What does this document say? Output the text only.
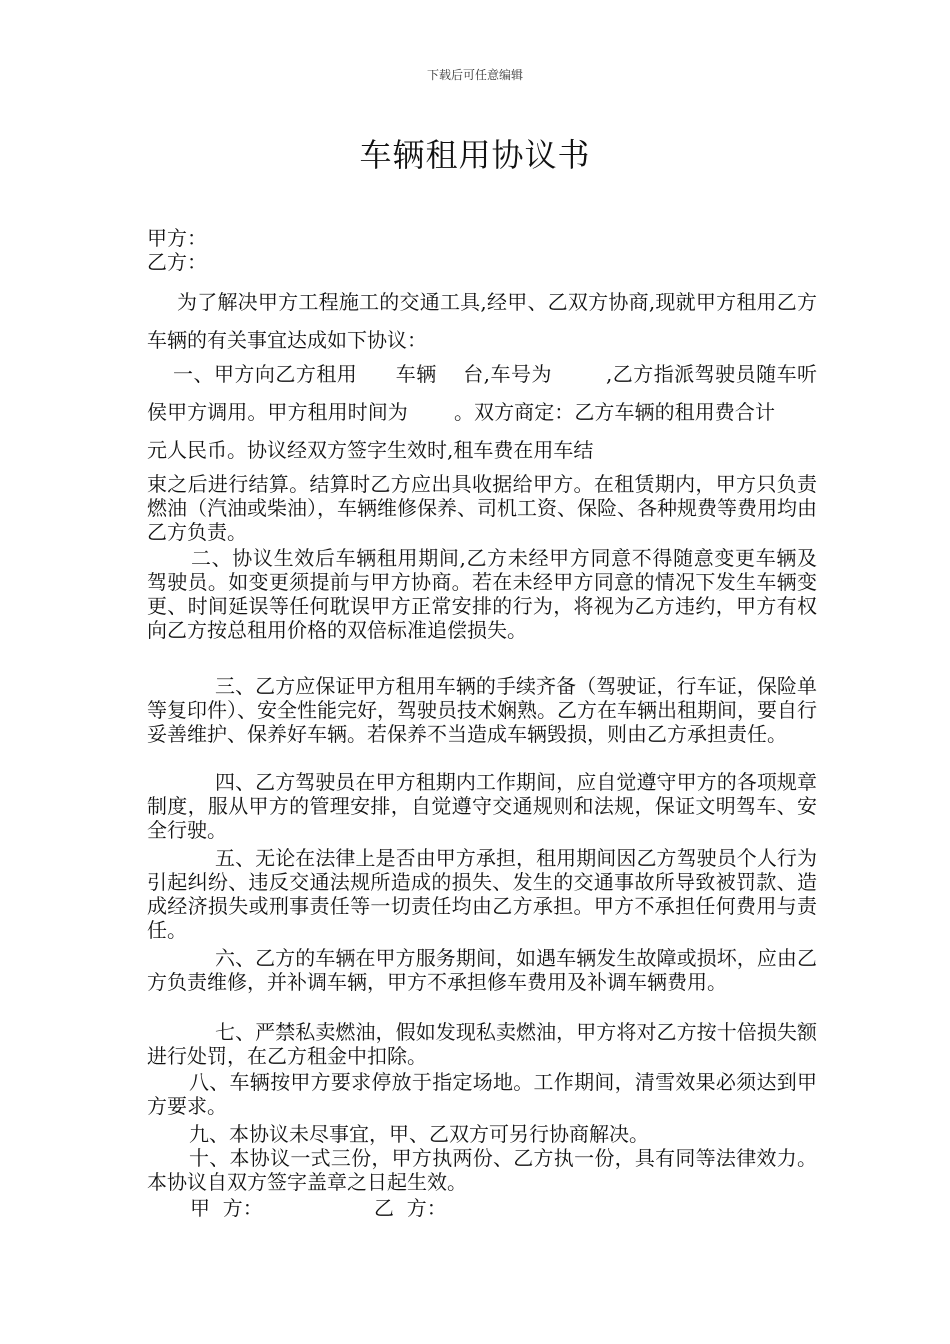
下载后可任意编辑
车辆租用协议书
甲方：
乙方：

为了解决甲方工程施工的交通工具,经甲、乙双方协商,现就甲方租用乙方车辆的有关事宜达成如下协议：

一、甲方向乙方租用 车辆 台,车号为	,乙方指派驾驶员随车听侯甲方调用。甲方租用时间为 。双方商定：乙方车辆的租用费合计元人民币。协议经双方签字生效时,租车费在用车结

束之后进行结算。结算时乙方应出具收据给甲方。在租赁期内，甲方只负责燃油（汽油或柴油），车辆维修保养、司机工资、保险、各种规费等费用均由乙方负责。

二、协议生效后车辆租用期间,乙方未经甲方同意不得随意变更车辆及驾驶员。如变更须提前与甲方协商。若在未经甲方同意的情况下发生车辆变更、时间延误等任何耽误甲方正常安排的行为，将视为乙方违约，甲方有权向乙方按总租用价格的双倍标准追偿损失。

三、乙方应保证甲方租用车辆的手续齐备（驾驶证，行车证，保险单等复印件）、安全性能完好，驾驶员技术娴熟。乙方在车辆出租期间，要自行妥善维护、保养好车辆。若保养不当造成车辆毁损，则由乙方承担责任。

四、乙方驾驶员在甲方租期内工作期间，应自觉遵守甲方的各项规章制度，服从甲方的管理安排，自觉遵守交通规则和法规，保证文明驾车、安全行驶。

五、无论在法律上是否由甲方承担，租用期间因乙方驾驶员个人行为引起纠纷、违反交通法规所造成的损失、发生的交通事故所导致被罚款、造成经济损失或刑事责任等一切责任均由乙方承担。甲方不承担任何费用与责任。

六、乙方的车辆在甲方服务期间，如遇车辆发生故障或损坏，应由乙方负责维修，并补调车辆，甲方不承担修车费用及补调车辆费用。

七、严禁私卖燃油，假如发现私卖燃油，甲方将对乙方按十倍损失额进行处罚，在乙方租金中扣除。

八、车辆按甲方要求停放于指定场地。工作期间，清雪效果必须达到甲方要求。

九、本协议未尽事宜，甲、乙双方可另行协商解决。

十、本协议一式三份，甲方执两份、乙方执一份，具有同等法律效力。本协议自双方签字盖章之日起生效。

甲  方：	乙  方：
